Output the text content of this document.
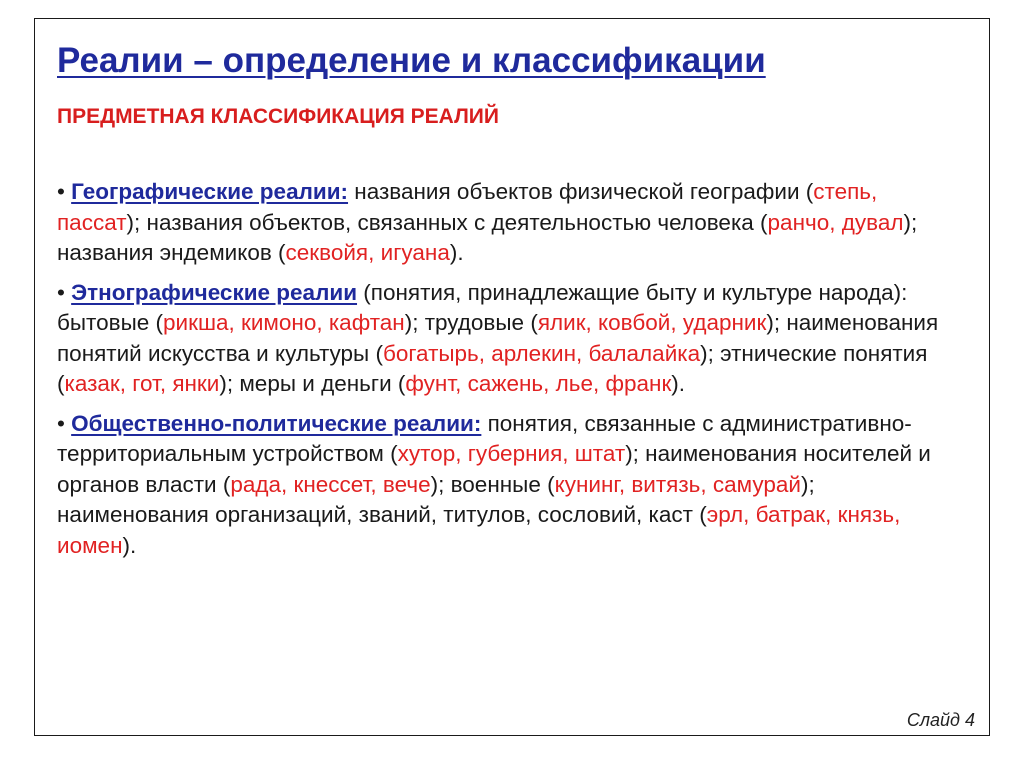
Реалии – определение и классификации
ПРЕДМЕТНАЯ КЛАССИФИКАЦИЯ РЕАЛИЙ

• Географические реалии: названия объектов физической географии (степь, пассат); названия объектов, связанных с деятельностью человека (ранчо, дувал); названия эндемиков (секвойя, игуана).

• Этнографические реалии (понятия, принадлежащие быту и культуре народа): бытовые (рикша, кимоно, кафтан); трудовые (ялик, ковбой, ударник); наименования понятий искусства и культуры (богатырь, арлекин, балалайка); этнические понятия (казак, гот, янки); меры и деньги (фунт, сажень, лье, франк).

• Общественно-политические реалии: понятия, связанные с административно-территориальным устройством (хутор, губерния, штат); наименования носителей и органов власти (рада, кнессет, вече); военные (кунинг, витязь, самурай); наименования организаций, званий, титулов, сословий, каст (эрл, батрак, князь, иомен).

Слайд 4
